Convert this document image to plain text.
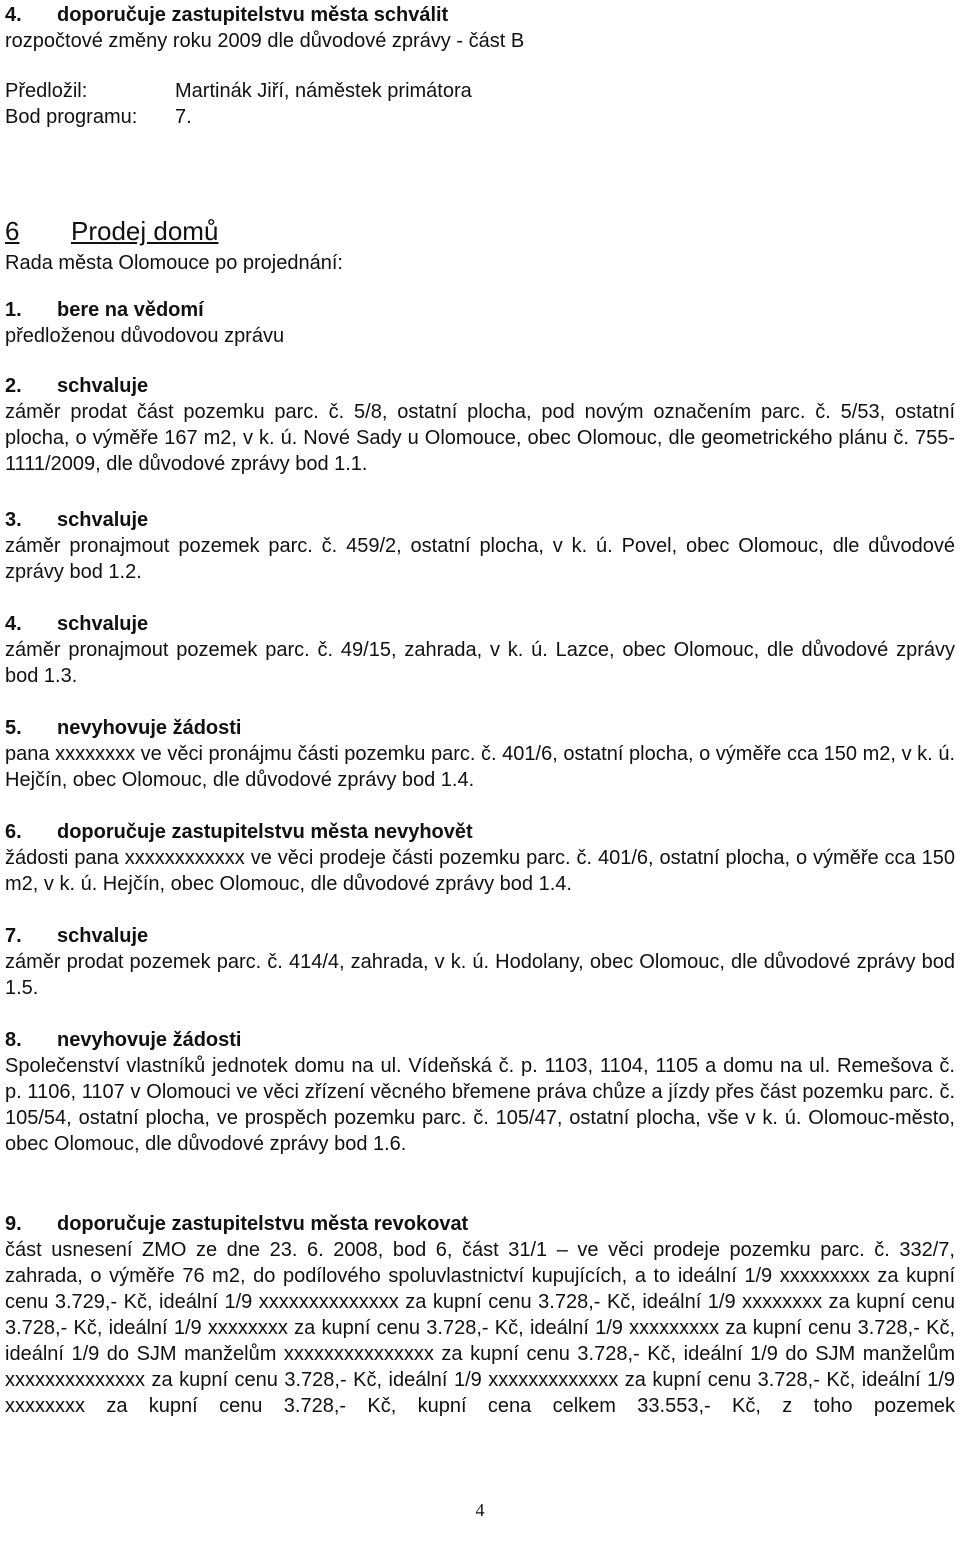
4. doporučuje zastupitelstvu města schválit
rozpočtové změny roku 2009 dle důvodové zprávy - část B
Předložil:	Martinák Jiří, náměstek primátora
Bod programu:	7.
6 Prodej domů
Rada města Olomouce po projednání:
1. bere na vědomí
předloženou důvodovou zprávu
2. schvaluje
záměr prodat část pozemku parc. č. 5/8, ostatní plocha, pod novým označením parc. č. 5/53, ostatní plocha, o výměře 167 m2, v k. ú. Nové Sady u Olomouce, obec Olomouc, dle geometrického plánu č. 755-1111/2009, dle důvodové zprávy bod 1.1.
3. schvaluje
záměr pronajmout pozemek parc. č. 459/2, ostatní plocha, v k. ú. Povel, obec Olomouc, dle důvodové zprávy bod 1.2.
4. schvaluje
záměr pronajmout pozemek parc. č. 49/15, zahrada, v k. ú. Lazce, obec Olomouc, dle důvodové zprávy bod 1.3.
5. nevyhovuje žádosti
pana xxxxxxxx ve věci pronájmu části pozemku parc. č. 401/6, ostatní plocha, o výměře cca 150 m2, v k. ú. Hejčín, obec Olomouc, dle důvodové zprávy bod 1.4.
6. doporučuje zastupitelstvu města nevyhovět
žádosti pana xxxxxxxxxxxx ve věci prodeje části pozemku parc. č. 401/6, ostatní plocha, o výměře cca 150 m2, v k. ú. Hejčín, obec Olomouc, dle důvodové zprávy bod 1.4.
7. schvaluje
záměr prodat pozemek parc. č. 414/4, zahrada, v k. ú. Hodolany, obec Olomouc, dle důvodové zprávy bod 1.5.
8. nevyhovuje žádosti
Společenství vlastníků jednotek domu na ul. Vídeňská č. p. 1103, 1104, 1105 a domu na ul. Remešova č. p. 1106, 1107 v Olomouci ve věci zřízení věcného břemene práva chůze a jízdy přes část pozemku parc. č. 105/54, ostatní plocha, ve prospěch pozemku parc. č. 105/47, ostatní plocha, vše v k. ú. Olomouc-město, obec Olomouc, dle důvodové zprávy bod 1.6.
9. doporučuje zastupitelstvu města revokovat
část usnesení ZMO ze dne 23. 6. 2008, bod 6, část 31/1 – ve věci prodeje pozemku parc. č. 332/7, zahrada, o výměře 76 m2, do podílového spoluvlastnictví kupujících, a to ideální 1/9 xxxxxxxxx za kupní cenu 3.729,- Kč, ideální 1/9 xxxxxxxxxxxxxx za kupní cenu 3.728,- Kč, ideální 1/9 xxxxxxxx za kupní cenu 3.728,- Kč, ideální 1/9 xxxxxxxx za kupní cenu 3.728,- Kč, ideální 1/9 xxxxxxxxx za kupní cenu 3.728,- Kč, ideální 1/9 do SJM manželům xxxxxxxxxxxxxxx za kupní cenu 3.728,- Kč, ideální 1/9 do SJM manželům xxxxxxxxxxxxxx za kupní cenu 3.728,- Kč, ideální 1/9 xxxxxxxxxxxxx za kupní cenu 3.728,- Kč, ideální 1/9 xxxxxxxx za kupní cenu 3.728,- Kč, kupní cena celkem 33.553,- Kč, z toho pozemek
4
